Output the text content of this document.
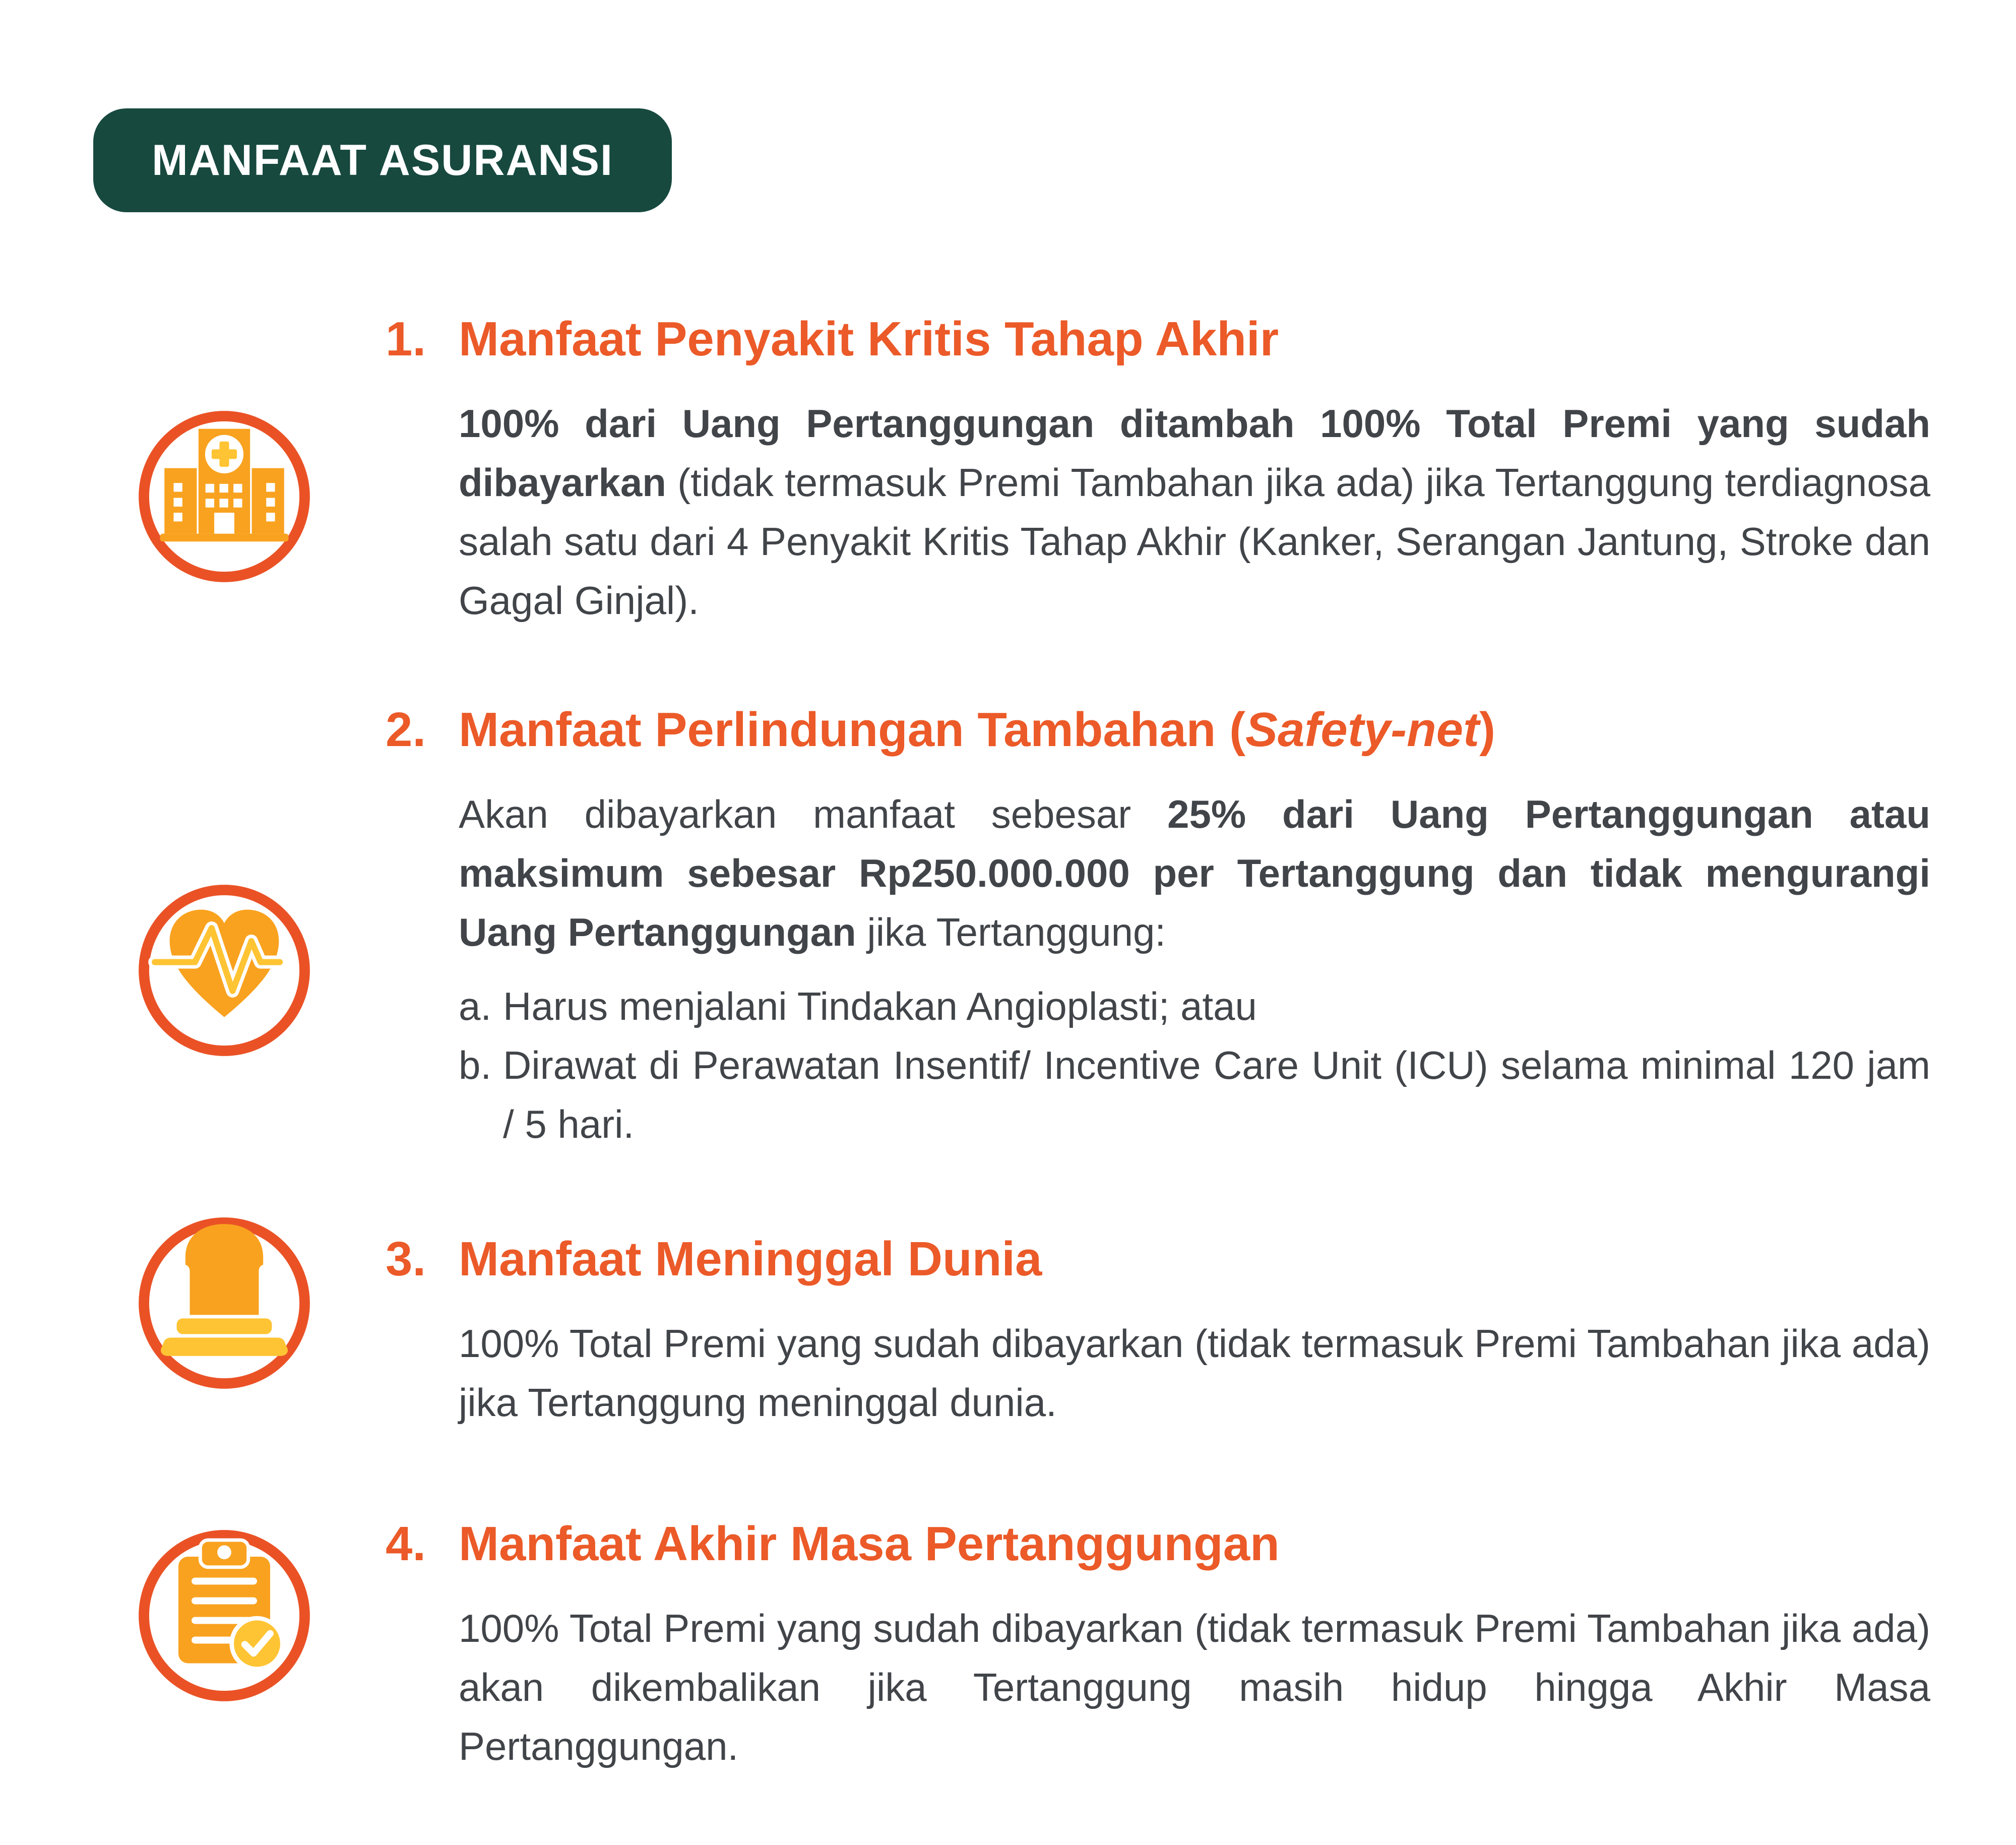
MANFAAT ASURANSI
1. Manfaat Penyakit Kritis Tahap Akhir

100% dari Uang Pertanggungan ditambah 100% Total Premi yang sudah dibayarkan (tidak termasuk Premi Tambahan jika ada) jika Tertanggung terdiagnosa salah satu dari 4 Penyakit Kritis Tahap Akhir (Kanker, Serangan Jantung, Stroke dan Gagal Ginjal).

2. Manfaat Perlindungan Tambahan (Safety-net)

Akan dibayarkan manfaat sebesar 25% dari Uang Pertanggungan atau maksimum sebesar Rp250.000.000 per Tertanggung dan tidak mengurangi Uang Pertanggungan jika Tertanggung:

a. Harus menjalani Tindakan Angioplasti; atau
b. Dirawat di Perawatan Insentif/ Incentive Care Unit (ICU) selama minimal 120 jam / 5 hari.
3. Manfaat Meninggal Dunia

100% Total Premi yang sudah dibayarkan (tidak termasuk Premi Tambahan jika ada) jika Tertanggung meninggal dunia.

4. Manfaat Akhir Masa Pertanggungan

100% Total Premi yang sudah dibayarkan (tidak termasuk Premi Tambahan jika ada) akan dikembalikan jika Tertanggung masih hidup hingga Akhir Masa Pertanggungan.
